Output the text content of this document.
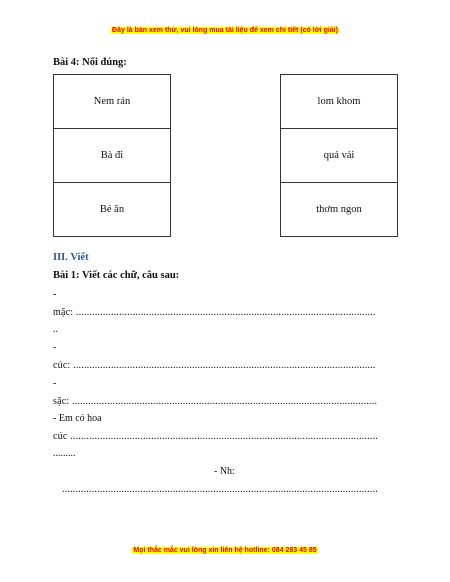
Đây là bản xem thử, vui lòng mua tài liệu để xem chi tiết (có lời giải)
Bài 4: Nối đúng:
Nem rán
Bà đi
Bé ăn
lom khom
quả vải
thơm ngon
III. Viết
Bài 1: Viết các chữ, câu sau:
-
mặc: ...............................................................................................................
..
-
cúc: ................................................................................................................
-
sặc: .................................................................................................................
- Em có hoa
cúc ..................................................................................................................
.........
- Nh:
.....................................................................................................................
Mọi thắc mắc vui lòng xin liên hệ hotline: 084 283 45 85
